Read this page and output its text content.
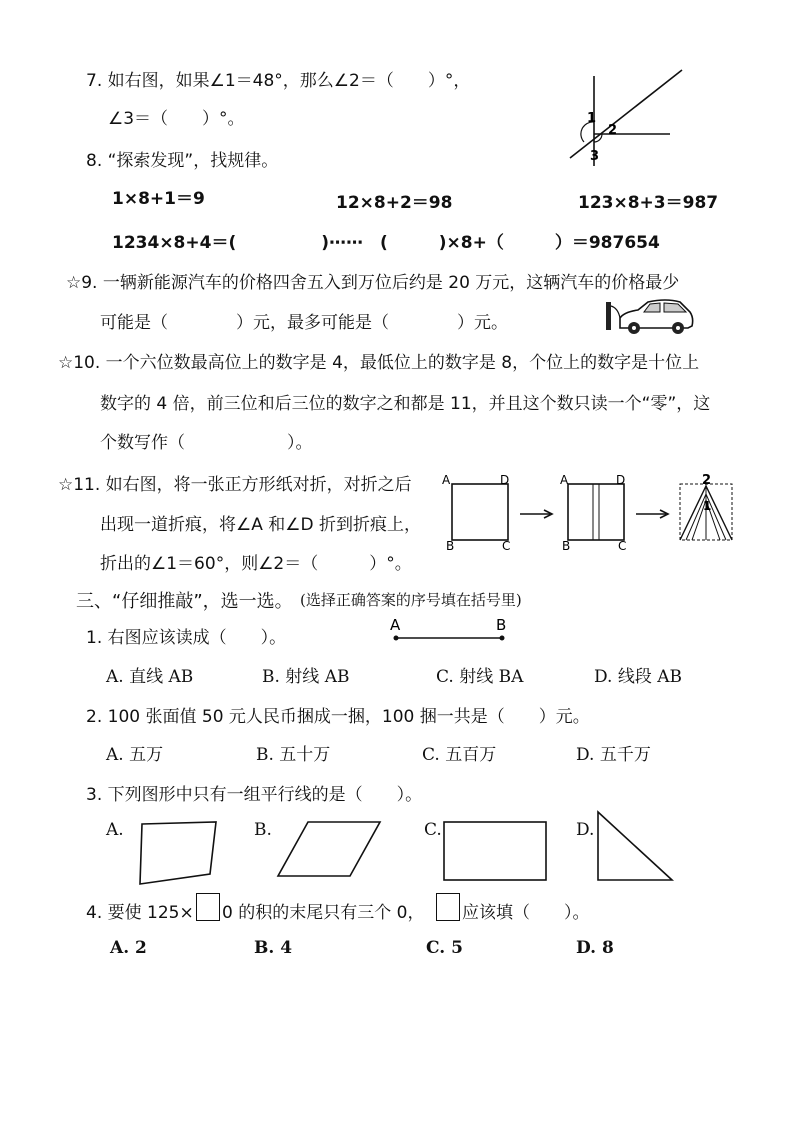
7. 如右图，如果∠1＝48°，那么∠2＝（　　）°，
∠3＝（　　）°。	1
2
3
8. “探索发现”，找规律。
1×8+1＝9	12×8+2＝98	123×8+3＝987
1234×8+4＝(　　　　　)⋯⋯　(　　　)×8+（　　　）＝987654
☆9. 一辆新能源汽车的价格四舍五入到万位后约是 20 万元，这辆汽车的价格最少
可能是（　　　　）元，最多可能是（　　　　）元。
☆10. 一个六位数最高位上的数字是 4，最低位上的数字是 8，个位上的数字是十位上
数字的 4 倍，前三位和后三位的数字之和都是 11，并且这个数只读一个“零”，这
个数写作（　　　　　　）。
☆11. 如右图，将一张正方形纸对折，对折之后
出现一道折痕，将∠A 和∠D 折到折痕上，
折出的∠1＝60°，则∠2＝（　　　）°。
A	D
B	C
A	D
B	C
2
1
三、“仔细推敲”，选一选。 (选择正确答案的序号填在括号里)
1. 右图应该读成（　　）。
A	B
A. 直线 AB	B. 射线 AB	C. 射线 BA	D. 线段 AB
2. 100 张面值 50 元人民币捆成一捆，100 捆一共是（　　）元。
A. 五万	B. 五十万	C. 五百万	D. 五千万
3. 下列图形中只有一组平行线的是（　　）。
A.	B.	C.	D.
4. 要使 125× 0 的积的末尾只有三个 0， 应该填（　　）。
A. 2	B. 4	C. 5	D. 8
